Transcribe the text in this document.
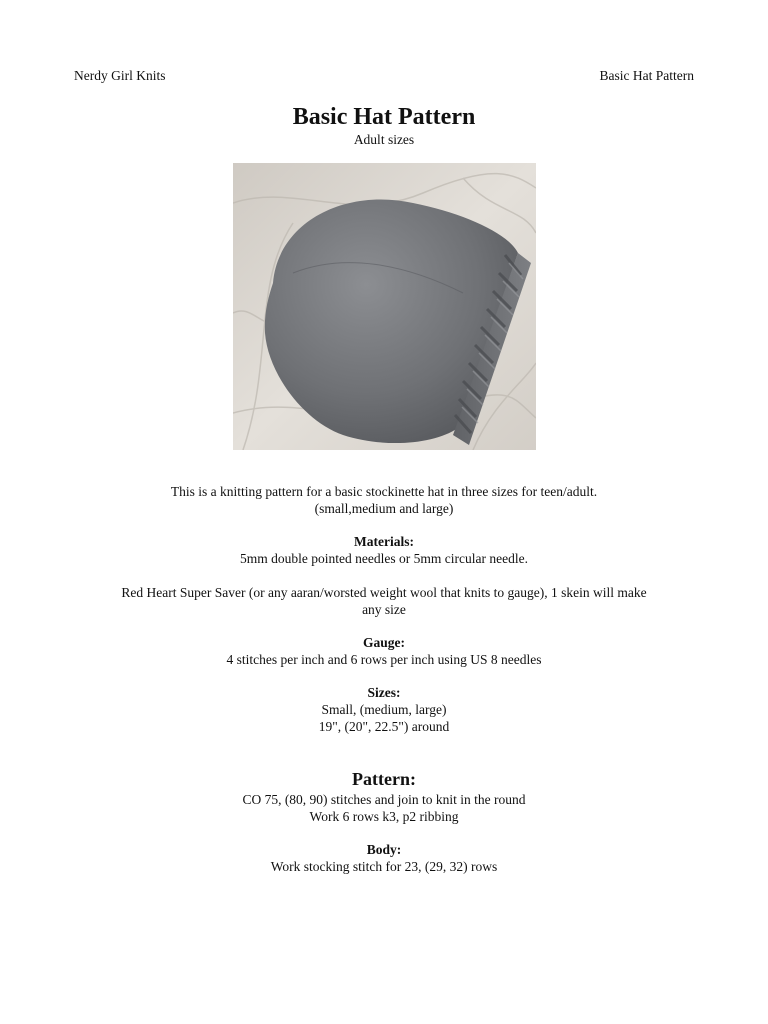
Nerdy Girl Knits	Basic Hat Pattern
Basic Hat Pattern
Adult sizes
This is a knitting pattern for a basic stockinette hat in three sizes for teen/adult.
(small,medium and large)
Materials:
5mm double pointed needles or 5mm circular needle.
Red Heart Super Saver (or any aaran/worsted weight wool that knits to gauge), 1 skein will make
any size
Gauge:
4 stitches per inch and 6 rows per inch using US 8 needles
Sizes:
Small, (medium, large)
19", (20", 22.5") around
Pattern:
CO 75, (80, 90) stitches and join to knit in the round
Work 6 rows k3, p2 ribbing
Body:
Work stocking stitch for 23, (29, 32) rows
